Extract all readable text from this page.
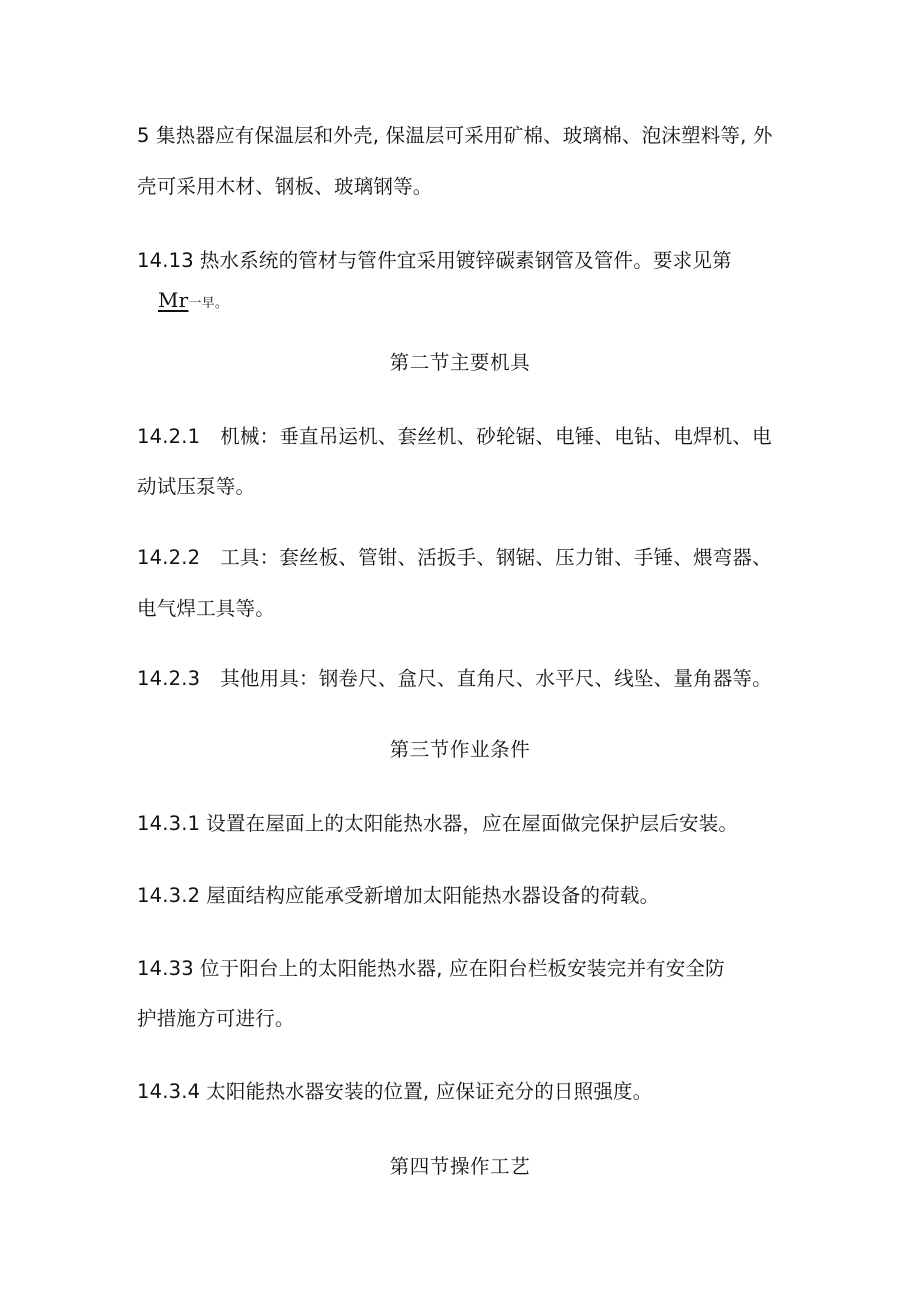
5 集热器应有保温层和外壳, 保温层可采用矿棉、玻璃棉、泡沫塑料等, 外
壳可采用木材、钢板、玻璃钢等。
14.13 热水系统的管材与管件宜采用镀锌碳素钢管及管件。要求见第
Mr一早。
第二节主要机具
14.2.1 机械：垂直吊运机、套丝机、砂轮锯、电锤、电钻、电焊机、电
动试压泵等。
14.2.2 工具：套丝板、管钳、活扳手、钢锯、压力钳、手锤、煨弯器、
电气焊工具等。
14.2.3 其他用具：钢卷尺、盒尺、直角尺、水平尺、线坠、量角器等。
第三节作业条件
14.3.1 设置在屋面上的太阳能热水器，应在屋面做完保护层后安装。
14.3.2 屋面结构应能承受新增加太阳能热水器设备的荷载。
14.33 位于阳台上的太阳能热水器, 应在阳台栏板安装完并有安全防
护措施方可进行。
14.3.4 太阳能热水器安装的位置, 应保证充分的日照强度。
第四节操作工艺
